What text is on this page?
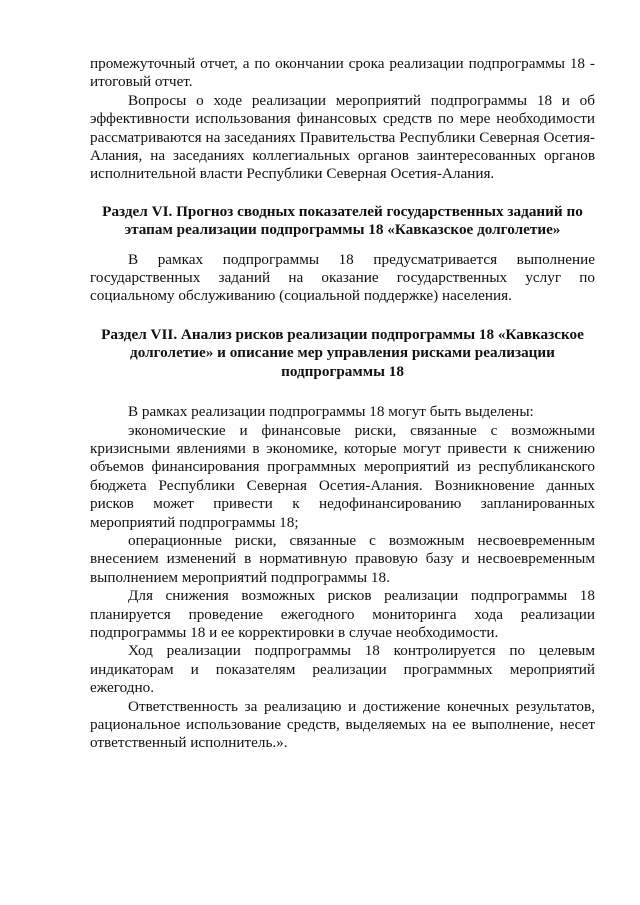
промежуточный отчет, а по окончании срока реализации подпрограммы 18 - итоговый отчет.

Вопросы о ходе реализации мероприятий подпрограммы 18 и об эффективности использования финансовых средств по мере необходимости рассматриваются на заседаниях Правительства Республики Северная Осетия-Алания, на заседаниях коллегиальных органов заинтересованных органов исполнительной власти Республики Северная Осетия-Алания.

Раздел VI. Прогноз сводных показателей государственных заданий по этапам реализации подпрограммы 18 «Кавказское долголетие»

В рамках подпрограммы 18 предусматривается выполнение государственных заданий на оказание государственных услуг по социальному обслуживанию (социальной поддержке) населения.

Раздел VII. Анализ рисков реализации подпрограммы 18 «Кавказское долголетие» и описание мер управления рисками реализации подпрограммы 18

В рамках реализации подпрограммы 18 могут быть выделены:

экономические и финансовые риски, связанные с возможными кризисными явлениями в экономике, которые могут привести к снижению объемов финансирования программных мероприятий из республиканского бюджета Республики Северная Осетия-Алания. Возникновение данных рисков может привести к недофинансированию запланированных мероприятий подпрограммы 18;

операционные риски, связанные с возможным несвоевременным внесением изменений в нормативную правовую базу и несвоевременным выполнением мероприятий подпрограммы 18.

Для снижения возможных рисков реализации подпрограммы 18 планируется проведение ежегодного мониторинга хода реализации подпрограммы 18 и ее корректировки в случае необходимости.

Ход реализации подпрограммы 18 контролируется по целевым индикаторам и показателям реализации программных мероприятий ежегодно.

Ответственность за реализацию и достижение конечных результатов, рациональное использование средств, выделяемых на ее выполнение, несет ответственный исполнитель.».
